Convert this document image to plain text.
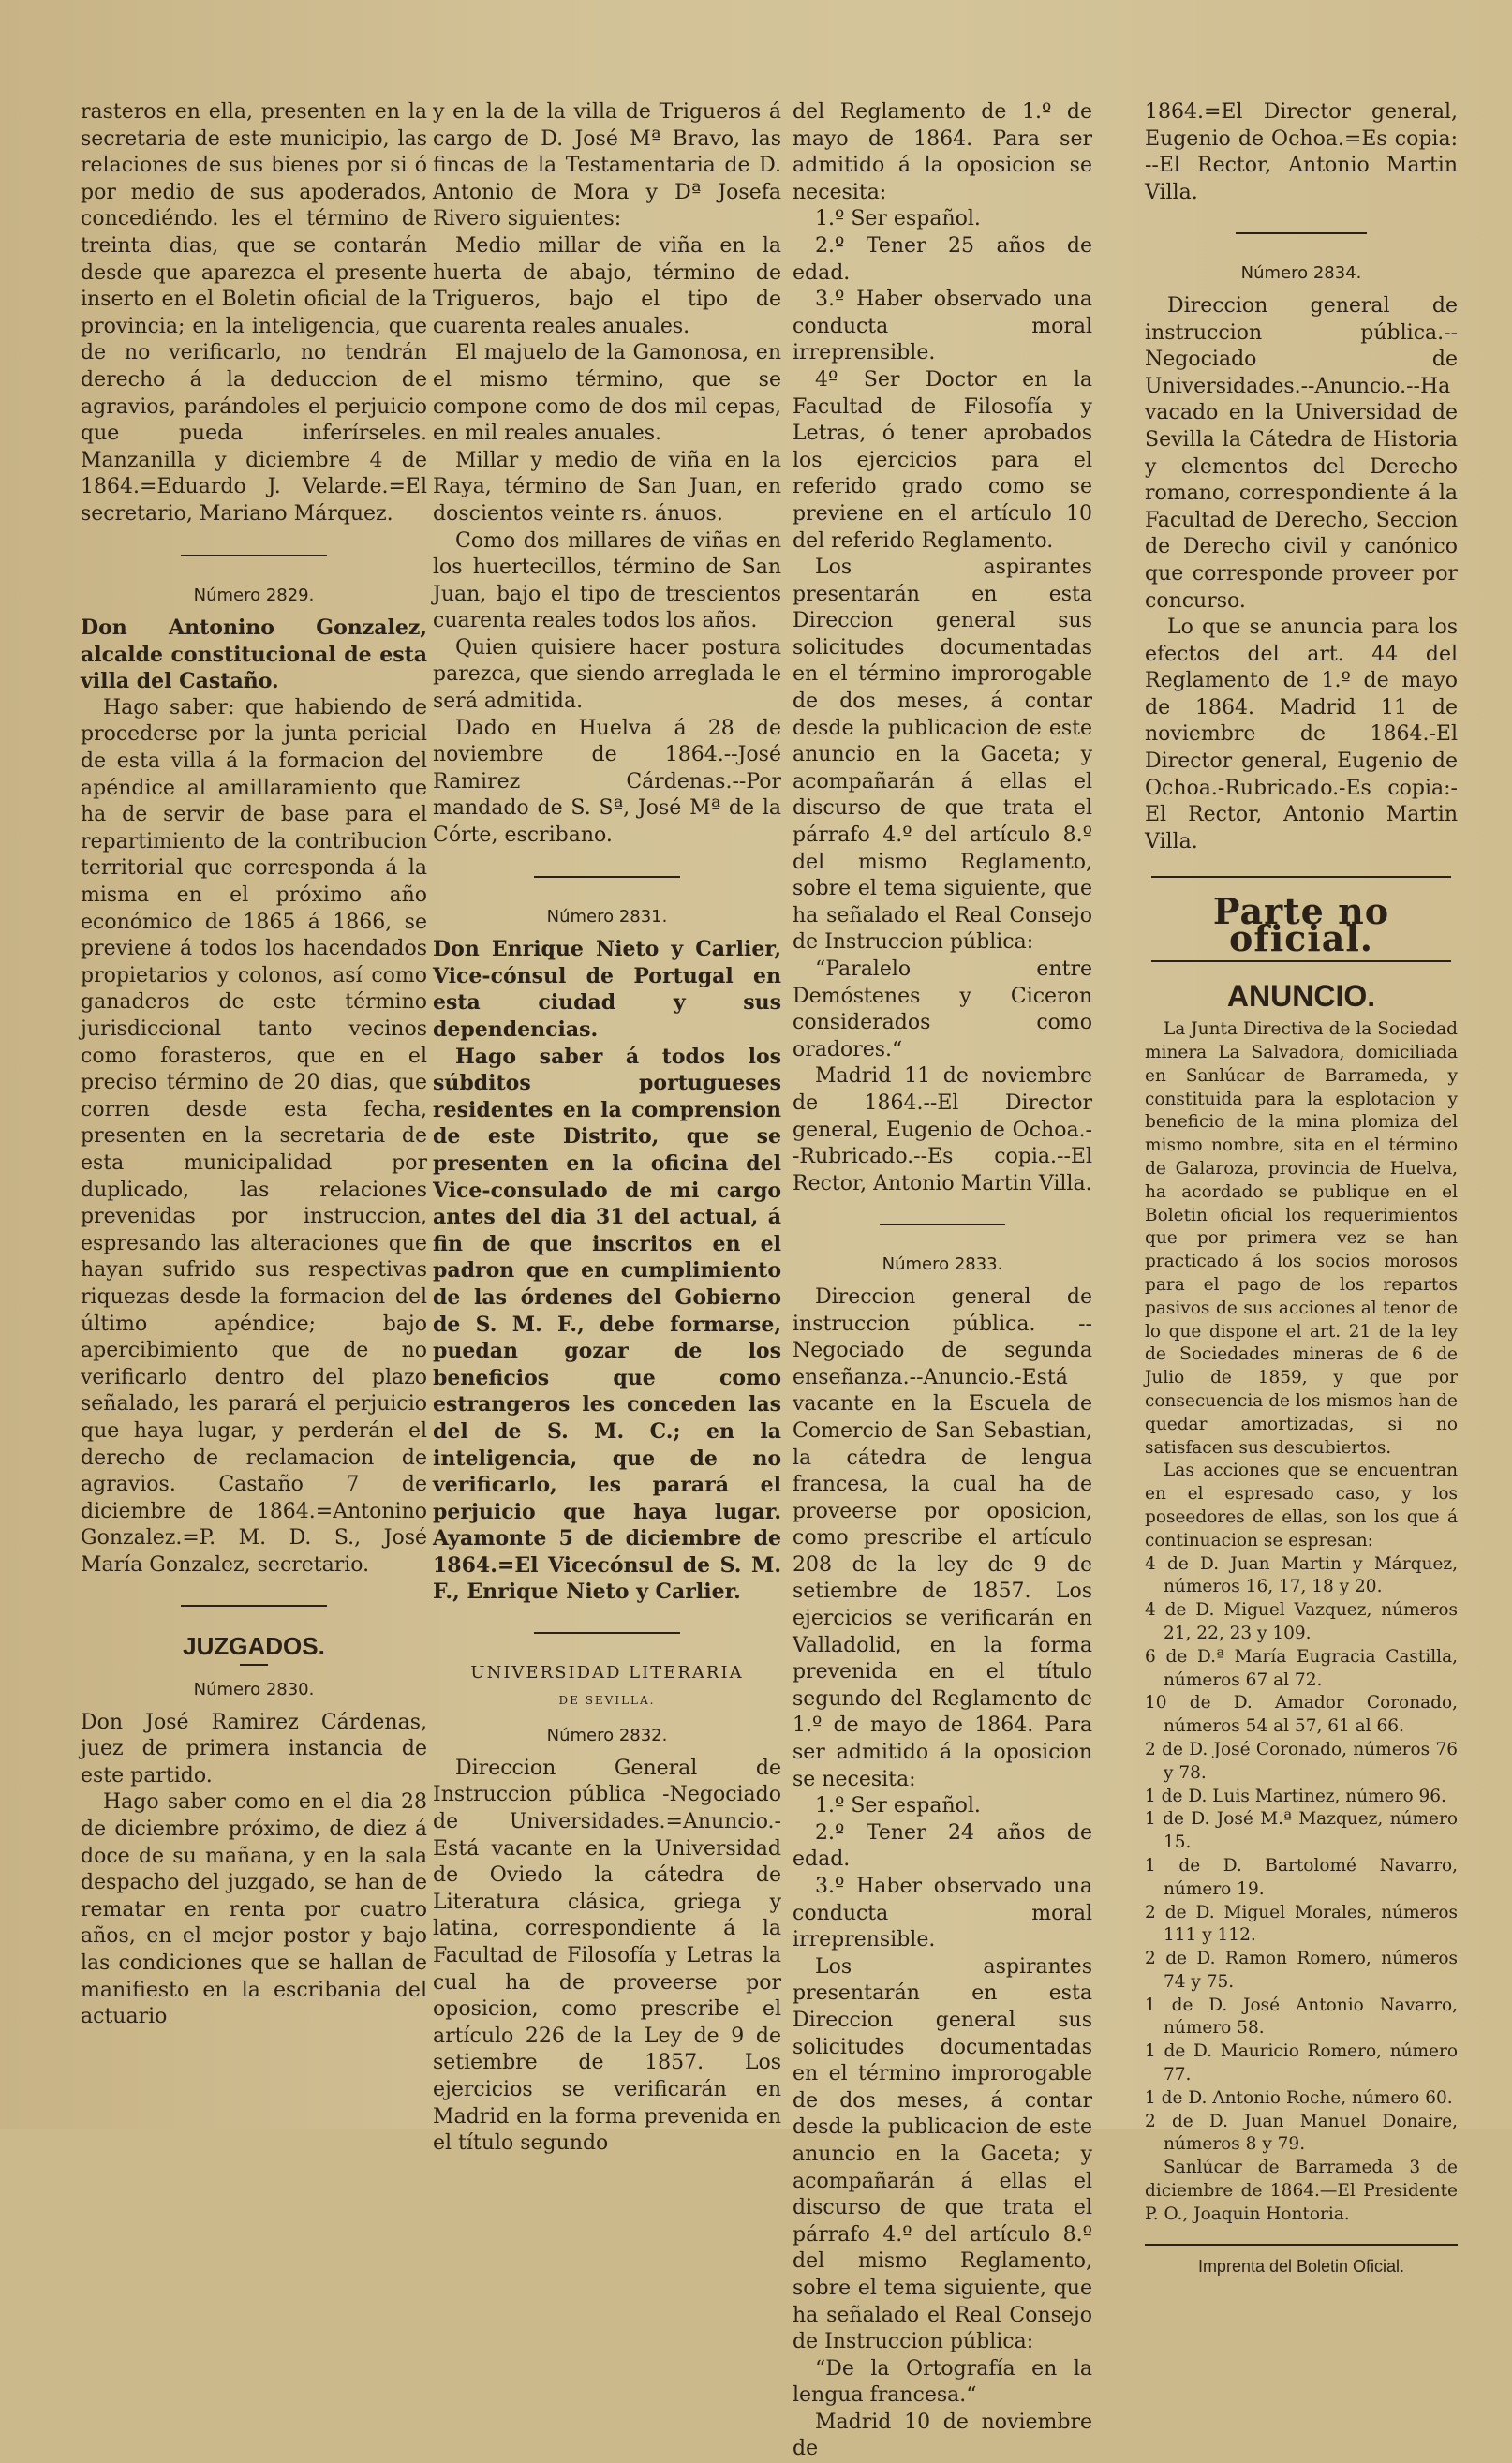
rasteros en ella, presenten en la secretaria de este municipio, las relaciones de sus bienes por si ó por medio de sus apoderados, concediéndo. les el término de treinta dias, que se contarán desde que aparezca el presente inserto en el Boletin oficial de la provincia; en la inteligencia, que de no verificarlo, no tendrán derecho á la deduccion de agravios, parándoles el perjuicio que pueda inferírseles. Manzanilla y diciembre 4 de 1864.=Eduardo J. Velarde.=El secretario, Mariano Márquez.

Número 2829.

Don Antonino Gonzalez, alcalde constitucional de esta villa del Castaño.

Hago saber: que habiendo de procederse por la junta pericial de esta villa á la formacion del apéndice al amillaramiento que ha de servir de base para el repartimiento de la contribucion territorial que corresponda á la misma en el próximo año económico de 1865 á 1866, se previene á todos los hacendados propietarios y colonos, así como ganaderos de este término jurisdiccional tanto vecinos como forasteros, que en el preciso término de 20 dias, que corren desde esta fecha, presenten en la secretaria de esta municipalidad por duplicado, las relaciones prevenidas por instruccion, espresando las alteraciones que hayan sufrido sus respectivas riquezas desde la formacion del último apéndice; bajo apercibimiento que de no verificarlo dentro del plazo señalado, les parará el perjuicio que haya lugar, y perderán el derecho de reclamacion de agravios. Castaño 7 de diciembre de 1864.=Antonino Gonzalez.=P. M. D. S., José María Gonzalez, secretario.

JUZGADOS.

Número 2830.

Don José Ramirez Cárdenas, juez de primera instancia de este partido.

Hago saber como en el dia 28 de diciembre próximo, de diez á doce de su mañana, y en la sala despacho del juzgado, se han de rematar en renta por cuatro años, en el mejor postor y bajo las condiciones que se hallan de manifiesto en la escribania del actuario

y en la de la villa de Trigueros á cargo de D. José Mª Bravo, las fincas de la Testamentaria de D. Antonio de Mora y Dª Josefa Rivero siguientes:

Medio millar de viña en la huerta de abajo, término de Trigueros, bajo el tipo de cuarenta reales anuales.

El majuelo de la Gamonosa, en el mismo término, que se compone como de dos mil cepas, en mil reales anuales.

Millar y medio de viña en la Raya, término de San Juan, en doscientos veinte rs. ánuos.

Como dos millares de viñas en los huertecillos, término de San Juan, bajo el tipo de trescientos cuarenta reales todos los años.

Quien quisiere hacer postura parezca, que siendo arreglada le será admitida.

Dado en Huelva á 28 de noviembre de 1864.--José Ramirez Cárdenas.--Por mandado de S. Sª, José Mª de la Córte, escribano.

Número 2831.

Don Enrique Nieto y Carlier, Vice-cónsul de Portugal en esta ciudad y sus dependencias.

Hago saber á todos los súbditos portugueses residentes en la comprension de este Distrito, que se presenten en la oficina del Vice-consulado de mi cargo antes del dia 31 del actual, á fin de que inscritos en el padron que en cumplimiento de las órdenes del Gobierno de S. M. F., debe formarse, puedan gozar de los beneficios que como estrangeros les conceden las del de S. M. C.; en la inteligencia, que de no verificarlo, les parará el perjuicio que haya lugar. Ayamonte 5 de diciembre de 1864.=El Vicecónsul de S. M. F., Enrique Nieto y Carlier.

UNIVERSIDAD LITERARIA

DE SEVILLA.

Número 2832.

Direccion General de Instruccion pública -Negociado de Universidades.=Anuncio.-Está vacante en la Universidad de Oviedo la cátedra de Literatura clásica, griega y latina, correspondiente á la Facultad de Filosofía y Letras la cual ha de proveerse por oposicion, como prescribe el artículo 226 de la Ley de 9 de setiembre de 1857. Los ejercicios se verificarán en Madrid en la forma prevenida en el título segundo

del Reglamento de 1.º de mayo de 1864. Para ser admitido á la oposicion se necesita:

1.º Ser español.

2.º Tener 25 años de edad.

3.º Haber observado una conducta moral irreprensible.

4º Ser Doctor en la Facultad de Filosofía y Letras, ó tener aprobados los ejercicios para el referido grado como se previene en el artículo 10 del referido Reglamento.

Los aspirantes presentarán en esta Direccion general sus solicitudes documentadas en el término improrogable de dos meses, á contar desde la publicacion de este anuncio en la Gaceta; y acompañarán á ellas el discurso de que trata el párrafo 4.º del artículo 8.º del mismo Reglamento, sobre el tema siguiente, que ha señalado el Real Consejo de Instruccion pública:

“Paralelo entre Demóstenes y Ciceron considerados como oradores.“

Madrid 11 de noviembre de 1864.--El Director general, Eugenio de Ochoa.--Rubricado.--Es copia.--El Rector, Antonio Martin Villa.

Número 2833.

Direccion general de instruccion pública. --Negociado de segunda enseñanza.--Anuncio.-Está vacante en la Escuela de Comercio de San Sebastian, la cátedra de lengua francesa, la cual ha de proveerse por oposicion, como prescribe el artículo 208 de la ley de 9 de setiembre de 1857. Los ejercicios se verificarán en Valladolid, en la forma prevenida en el título segundo del Reglamento de 1.º de mayo de 1864. Para ser admitido á la oposicion se necesita:

1.º Ser español.

2.º Tener 24 años de edad.

3.º Haber observado una conducta moral irreprensible.

Los aspirantes presentarán en esta Direccion general sus solicitudes documentadas en el término improrogable de dos meses, á contar desde la publicacion de este anuncio en la Gaceta; y acompañarán á ellas el discurso de que trata el párrafo 4.º del artículo 8.º del mismo Reglamento, sobre el tema siguiente, que ha señalado el Real Consejo de Instruccion pública:

“De la Ortografía en la lengua francesa.“

Madrid 10 de noviembre de

1864.=El Director general, Eugenio de Ochoa.=Es copia: --El Rector, Antonio Martin Villa.

Número 2834.

Direccion general de instruccion pública.--Negociado de Universidades.--Anuncio.--Ha vacado en la Universidad de Sevilla la Cátedra de Historia y elementos del Derecho romano, correspondiente á la Facultad de Derecho, Seccion de Derecho civil y canónico que corresponde proveer por concurso.

Lo que se anuncia para los efectos del art. 44 del Reglamento de 1.º de mayo de 1864. Madrid 11 de noviembre de 1864.-El Director general, Eugenio de Ochoa.-Rubricado.-Es copia:-El Rector, Antonio Martin Villa.

Parte no oficial.

ANUNCIO.

La Junta Directiva de la Sociedad minera La Salvadora, domiciliada en Sanlúcar de Barrameda, y constituida para la esplotacion y beneficio de la mina plomiza del mismo nombre, sita en el término de Galaroza, provincia de Huelva, ha acordado se publique en el Boletin oficial los requerimientos que por primera vez se han practicado á los socios morosos para el pago de los repartos pasivos de sus acciones al tenor de lo que dispone el art. 21 de la ley de Sociedades mineras de 6 de Julio de 1859, y que por consecuencia de los mismos han de quedar amortizadas, si no satisfacen sus descubiertos.

Las acciones que se encuentran en el espresado caso, y los poseedores de ellas, son los que á continuacion se espresan:

4 de D. Juan Martin y Márquez, números 16, 17, 18 y 20.

4 de D. Miguel Vazquez, números 21, 22, 23 y 109.

6 de D.ª María Eugracia Castilla, números 67 al 72.

10 de D. Amador Coronado, números 54 al 57, 61 al 66.

2 de D. José Coronado, números 76 y 78.

1 de D. Luis Martinez, número 96.

1 de D. José M.ª Mazquez, número 15.

1 de D. Bartolomé Navarro, número 19.

2 de D. Miguel Morales, números 111 y 112.

2 de D. Ramon Romero, números 74 y 75.

1 de D. José Antonio Navarro, número 58.

1 de D. Mauricio Romero, número 77.

1 de D. Antonio Roche, número 60.

2 de D. Juan Manuel Donaire, números 8 y 79.

Sanlúcar de Barrameda 3 de diciembre de 1864.—El Presidente P. O., Joaquin Hontoria.

Imprenta del Boletin Oficial.
